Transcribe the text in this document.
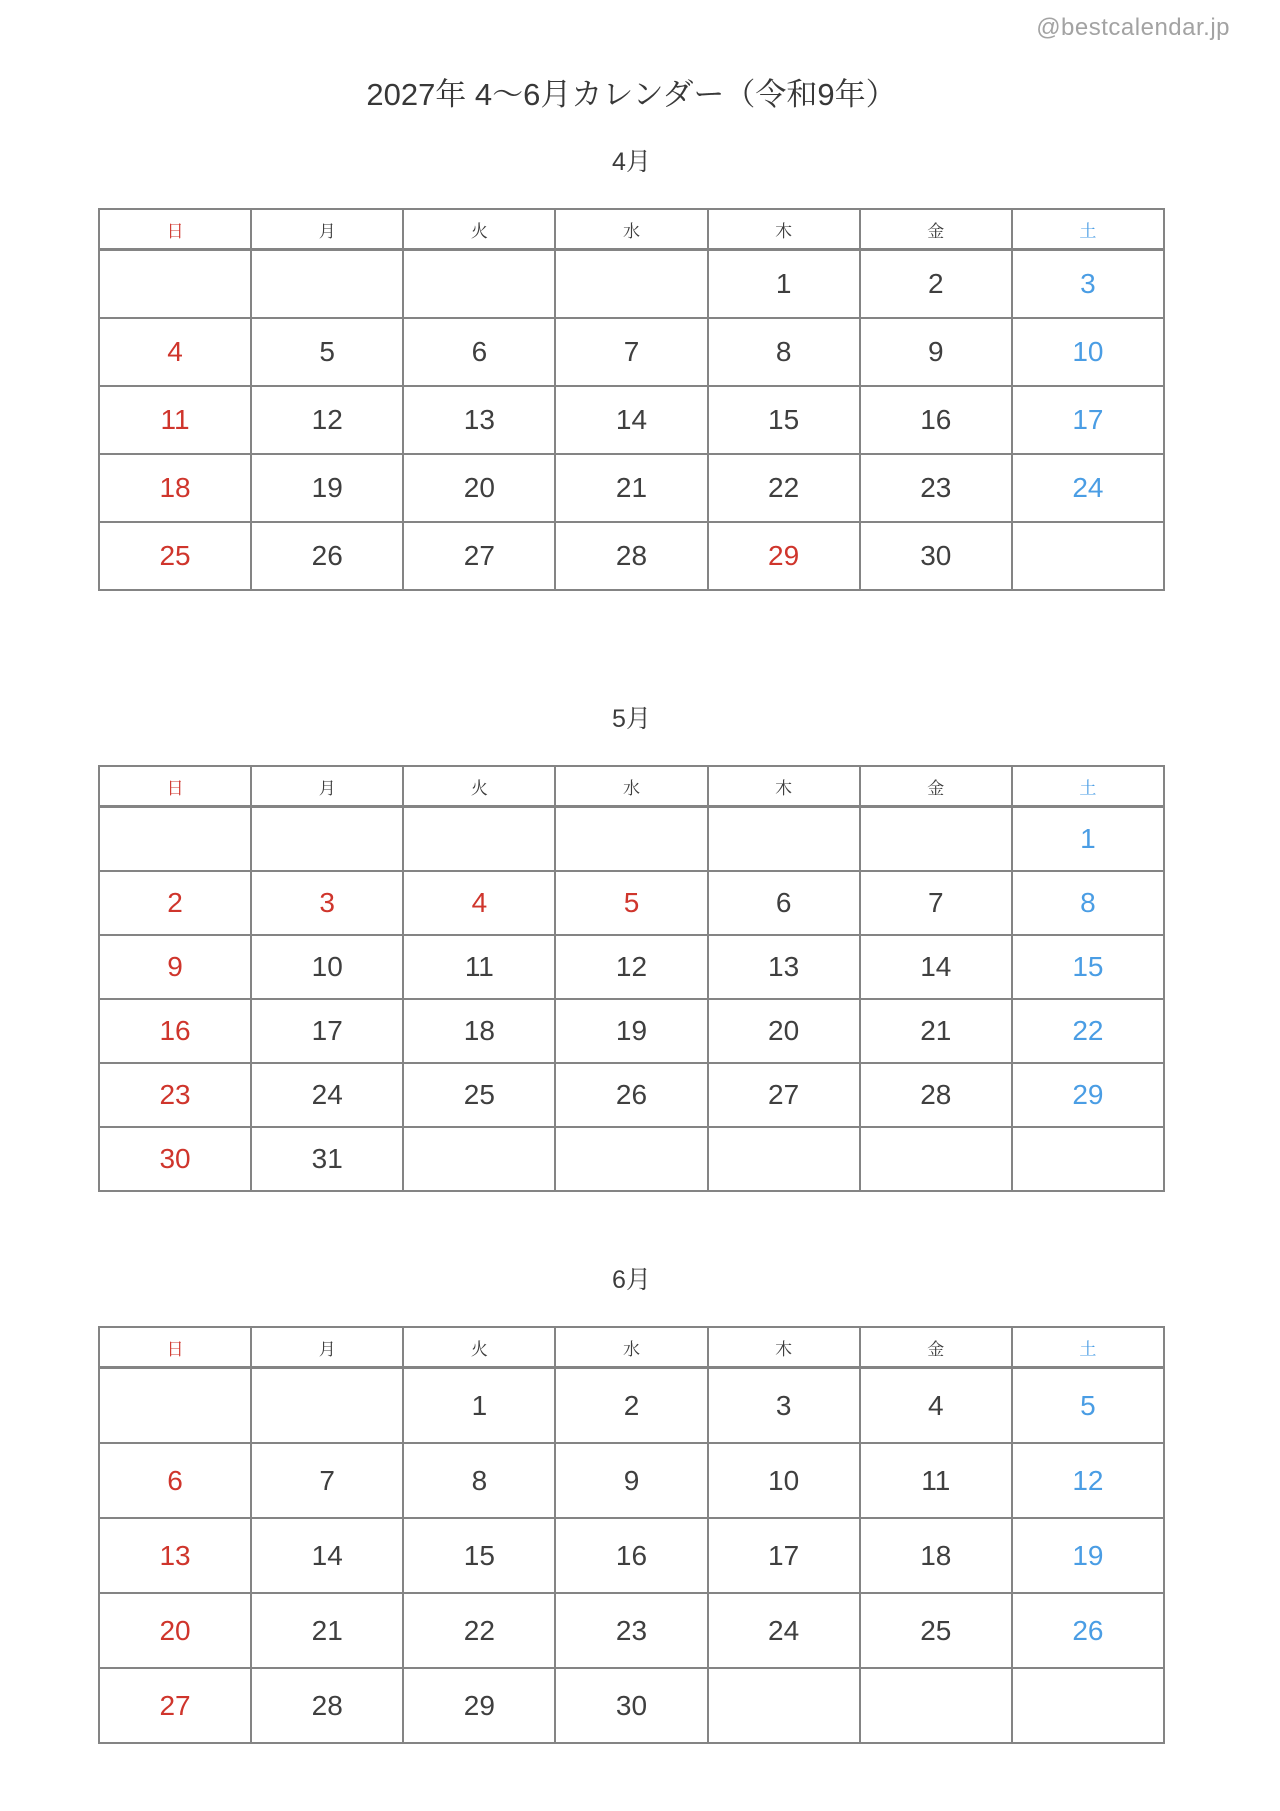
@bestcalendar.jp
2027年 4〜6月カレンダー（令和9年）
4月
日	月	火	水	木	金	土
				1	2	3
4	5	6	7	8	9	10
11	12	13	14	15	16	17
18	19	20	21	22	23	24
25	26	27	28	29	30	
5月
日	月	火	水	木	金	土
						1
2	3	4	5	6	7	8
9	10	11	12	13	14	15
16	17	18	19	20	21	22
23	24	25	26	27	28	29
30	31					
6月
日	月	火	水	木	金	土
		1	2	3	4	5
6	7	8	9	10	11	12
13	14	15	16	17	18	19
20	21	22	23	24	25	26
27	28	29	30			
